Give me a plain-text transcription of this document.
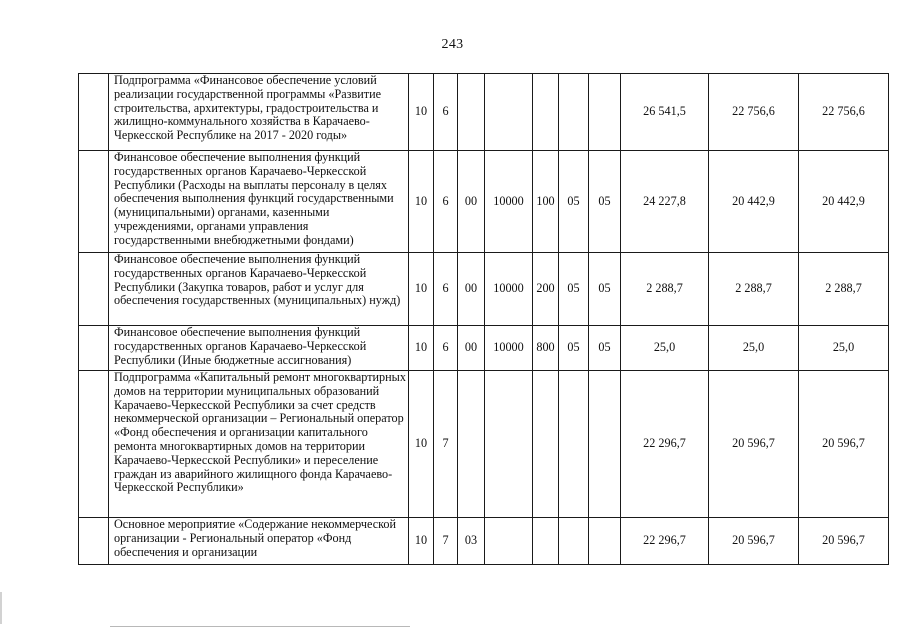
243
	Подпрограмма «Финансовое обеспечение условий реализации государственной программы «Развитие строительства, архитектуры, градостроительства и жилищно-коммунального хозяйства в Карачаево-Черкесской Республике на 2017 - 2020 годы»	10	6						26 541,5	22 756,6	22 756,6
	Финансовое обеспечение выполнения функций государственных органов Карачаево-Черкесской Республики (Расходы на выплаты персоналу в целях обеспечения выполнения функций государственными (муниципальными) органами, казенными учреждениями, органами управления государственными внебюджетными фондами)	10	6	00	10000	100	05	05	24 227,8	20 442,9	20 442,9
	Финансовое обеспечение выполнения функций государственных органов Карачаево-Черкесской Республики (Закупка товаров, работ и услуг для обеспечения государственных (муниципальных) нужд)	10	6	00	10000	200	05	05	2 288,7	2 288,7	2 288,7
	Финансовое обеспечение выполнения функций государственных органов Карачаево-Черкесской Республики (Иные бюджетные ассигнования)	10	6	00	10000	800	05	05	25,0	25,0	25,0
	Подпрограмма «Капитальный ремонт многоквартирных домов на территории муниципальных образований Карачаево-Черкесской Республики за счет средств некоммерческой организации – Региональный оператор «Фонд обеспечения и организации капитального ремонта многоквартирных домов на территории Карачаево-Черкесской Республики» и переселение граждан из аварийного жилищного фонда Карачаево-Черкесской Республики»	10	7						22 296,7	20 596,7	20 596,7
	Основное мероприятие «Содержание некоммерческой организации - Региональный оператор «Фонд обеспечения и организации	10	7	03					22 296,7	20 596,7	20 596,7
